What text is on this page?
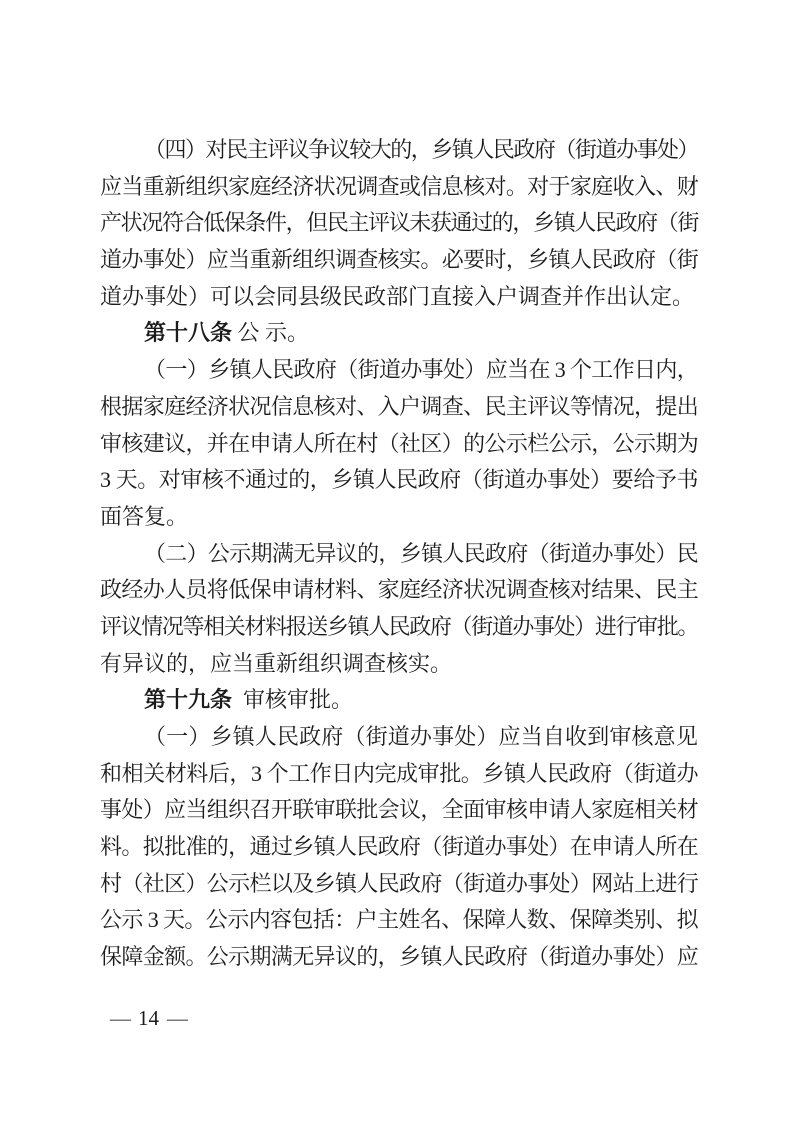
（四）对民主评议争议较大的，乡镇人民政府（街道办事处）
应当重新组织家庭经济状况调查或信息核对。对于家庭收入、财
产状况符合低保条件，但民主评议未获通过的，乡镇人民政府（街
道办事处）应当重新组织调查核实。必要时，乡镇人民政府（街
道办事处）可以会同县级民政部门直接入户调查并作出认定。
第十八条 公 示。
（一）乡镇人民政府（街道办事处）应当在 3 个工作日内，
根据家庭经济状况信息核对、入户调查、民主评议等情况，提出
审核建议，并在申请人所在村（社区）的公示栏公示，公示期为
3 天。对审核不通过的，乡镇人民政府（街道办事处）要给予书
面答复。
（二）公示期满无异议的，乡镇人民政府（街道办事处）民
政经办人员将低保申请材料、家庭经济状况调查核对结果、民主
评议情况等相关材料报送乡镇人民政府（街道办事处）进行审批。
有异议的，应当重新组织调查核实。
第十九条  审核审批。
（一）乡镇人民政府（街道办事处）应当自收到审核意见
和相关材料后，3 个工作日内完成审批。乡镇人民政府（街道办
事处）应当组织召开联审联批会议，全面审核申请人家庭相关材
料。拟批准的，通过乡镇人民政府（街道办事处）在申请人所在
村（社区）公示栏以及乡镇人民政府（街道办事处）网站上进行
公示 3 天。公示内容包括：户主姓名、保障人数、保障类别、拟
保障金额。公示期满无异议的，乡镇人民政府（街道办事处）应
— 14 —
